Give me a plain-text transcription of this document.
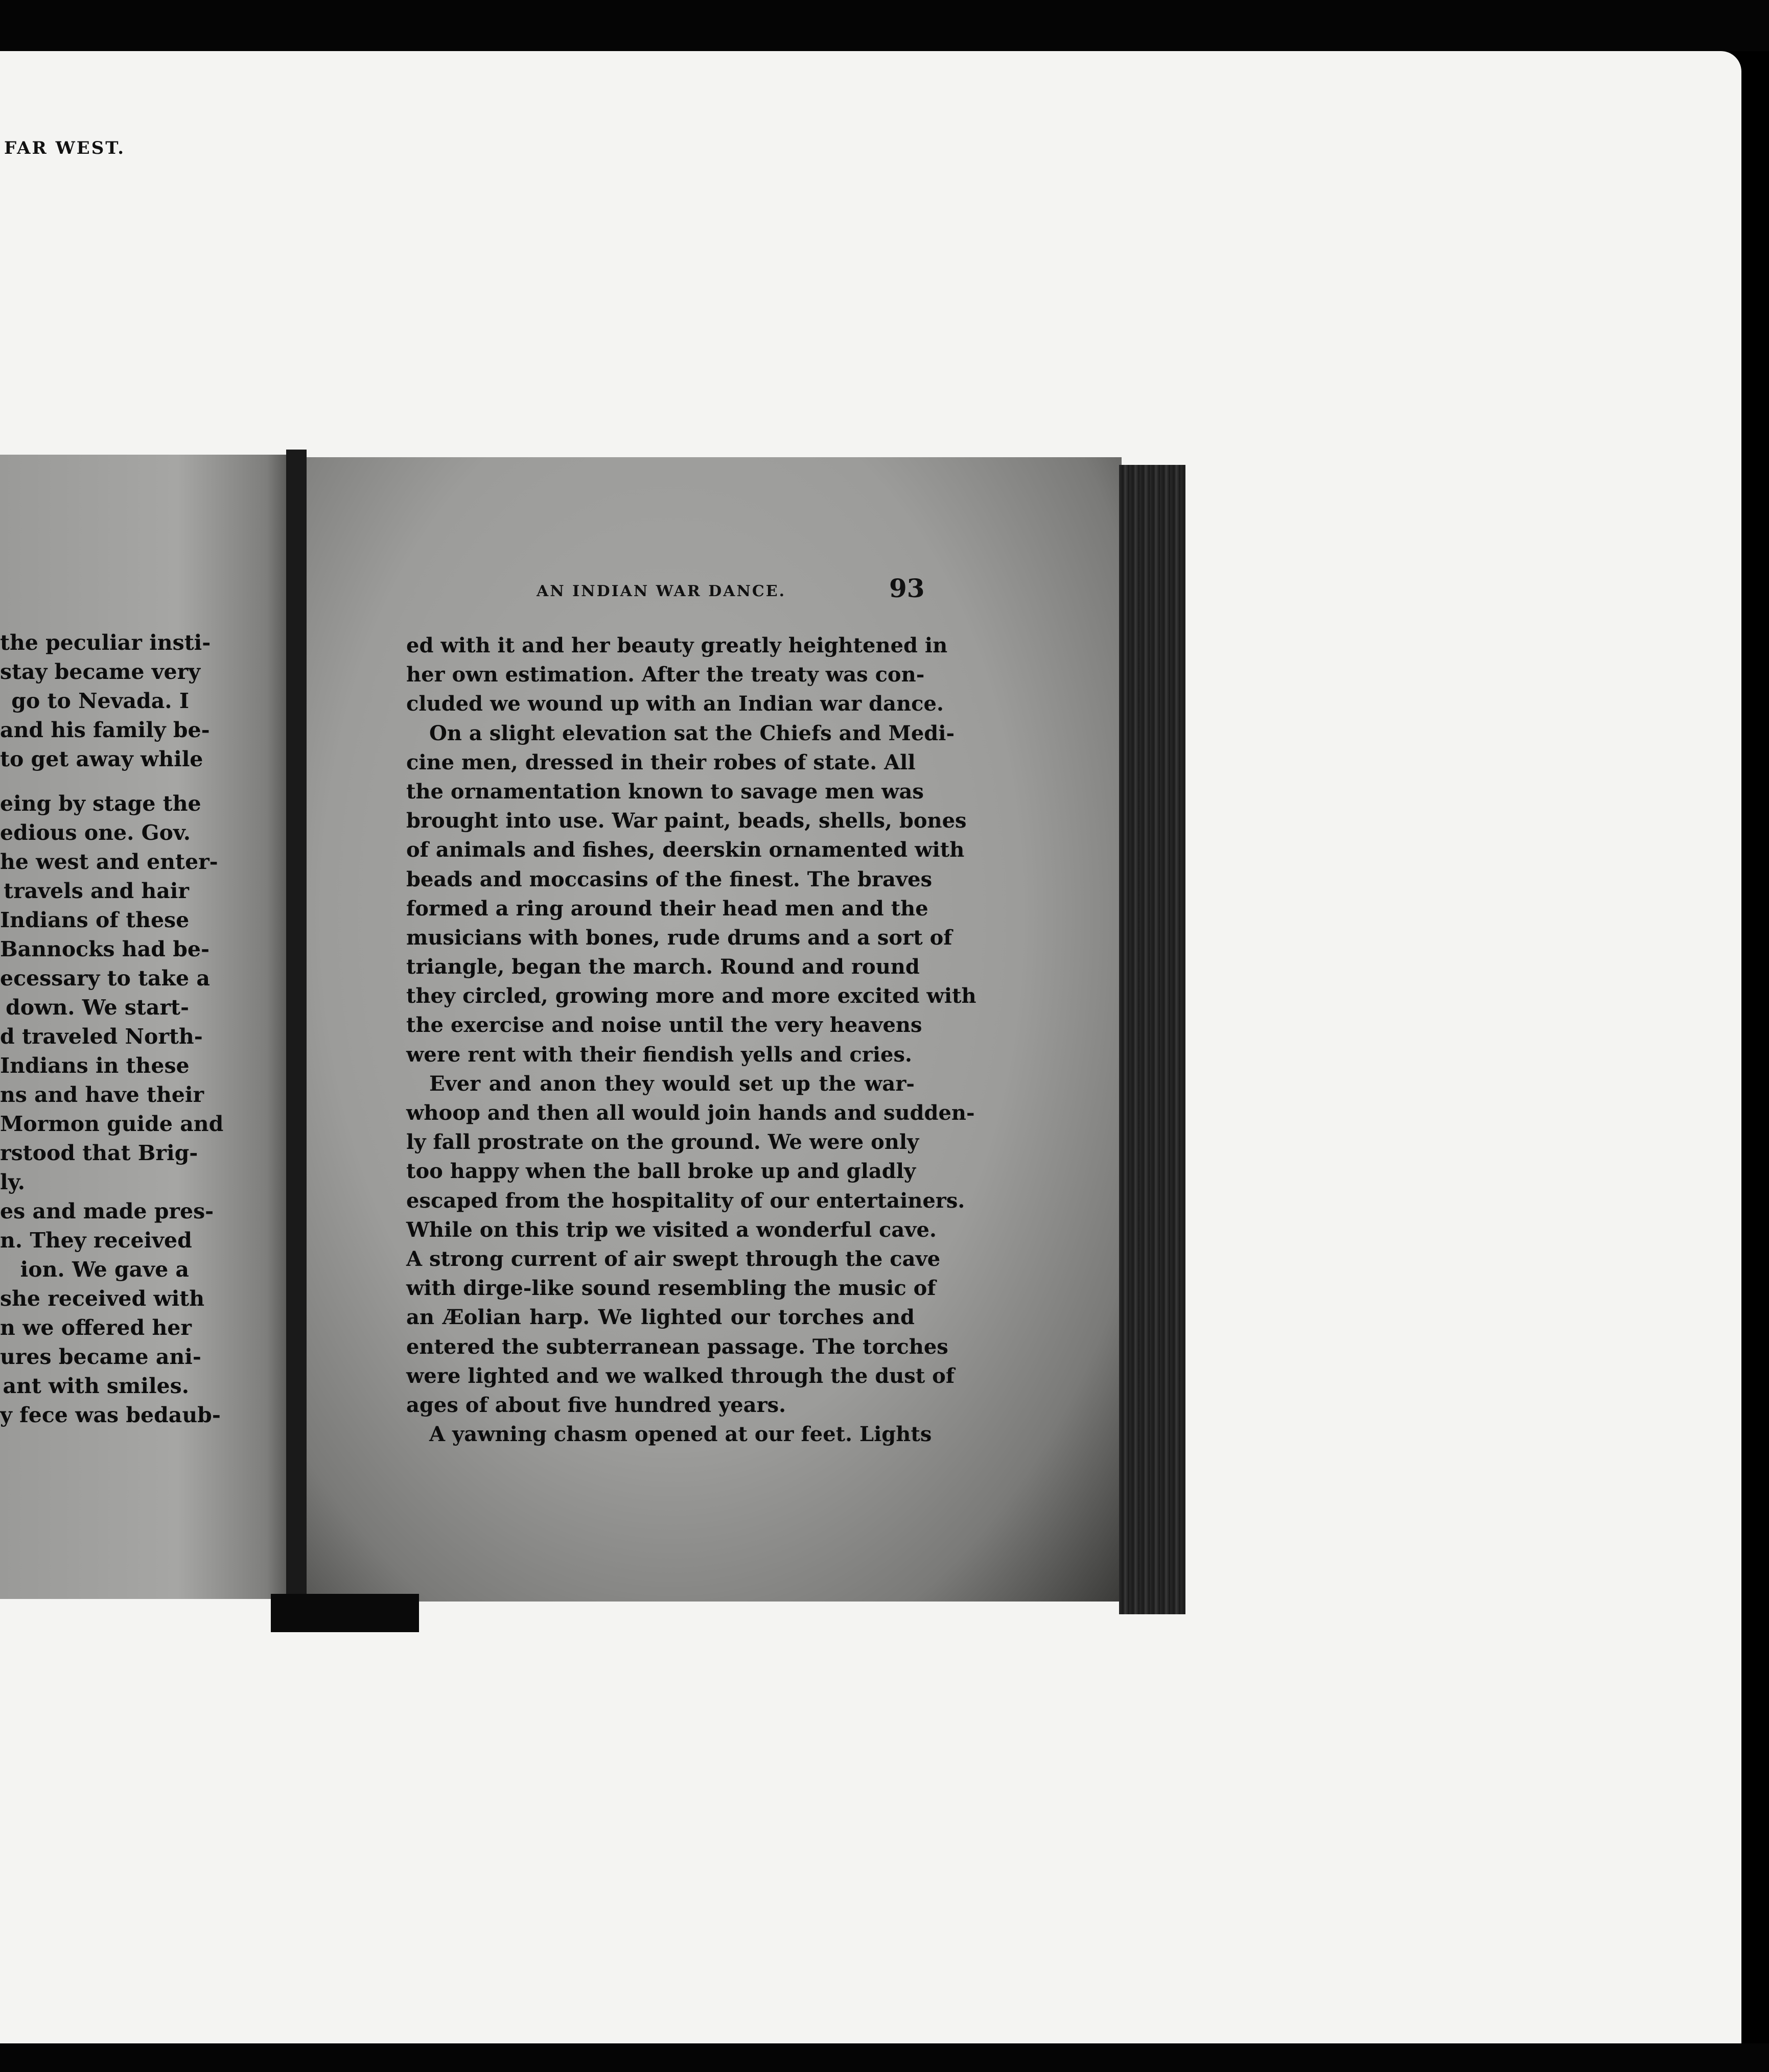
FAR WEST.
the peculiar insti-
stay became very
go to Nevada. I
and his family be-
to get away while
eing by stage the
edious one. Gov.
he west and enter-
travels and hair
Indians of these
Bannocks had be-
ecessary to take a
down. We start-
d traveled North-
Indians in these
ns and have their
Mormon guide and
rstood that Brig-
ly.
es and made pres-
n. They received
ion. We gave a
she received with
n we offered her
ures became ani-
ant with smiles.
y fece was bedaub-
AN INDIAN WAR DANCE.	93
ed with it and her beauty greatly heightened in
her own estimation. After the treaty was con-
cluded we wound up with an Indian war dance.
On a slight elevation sat the Chiefs and Medi-
cine men, dressed in their robes of state. All
the ornamentation known to savage men was
brought into use. War paint, beads, shells, bones
of animals and fishes, deerskin ornamented with
beads and moccasins of the finest. The braves
formed a ring around their head men and the
musicians with bones, rude drums and a sort of
triangle, began the march. Round and round
they circled, growing more and more excited with
the exercise and noise until the very heavens
were rent with their fiendish yells and cries.
Ever and anon they would set up the war-
whoop and then all would join hands and sudden-
ly fall prostrate on the ground. We were only
too happy when the ball broke up and gladly
escaped from the hospitality of our entertainers.
While on this trip we visited a wonderful cave.
A strong current of air swept through the cave
with dirge-like sound resembling the music of
an Æolian harp. We lighted our torches and
entered the subterranean passage. The torches
were lighted and we walked through the dust of
ages of about five hundred years.
A yawning chasm opened at our feet. Lights
